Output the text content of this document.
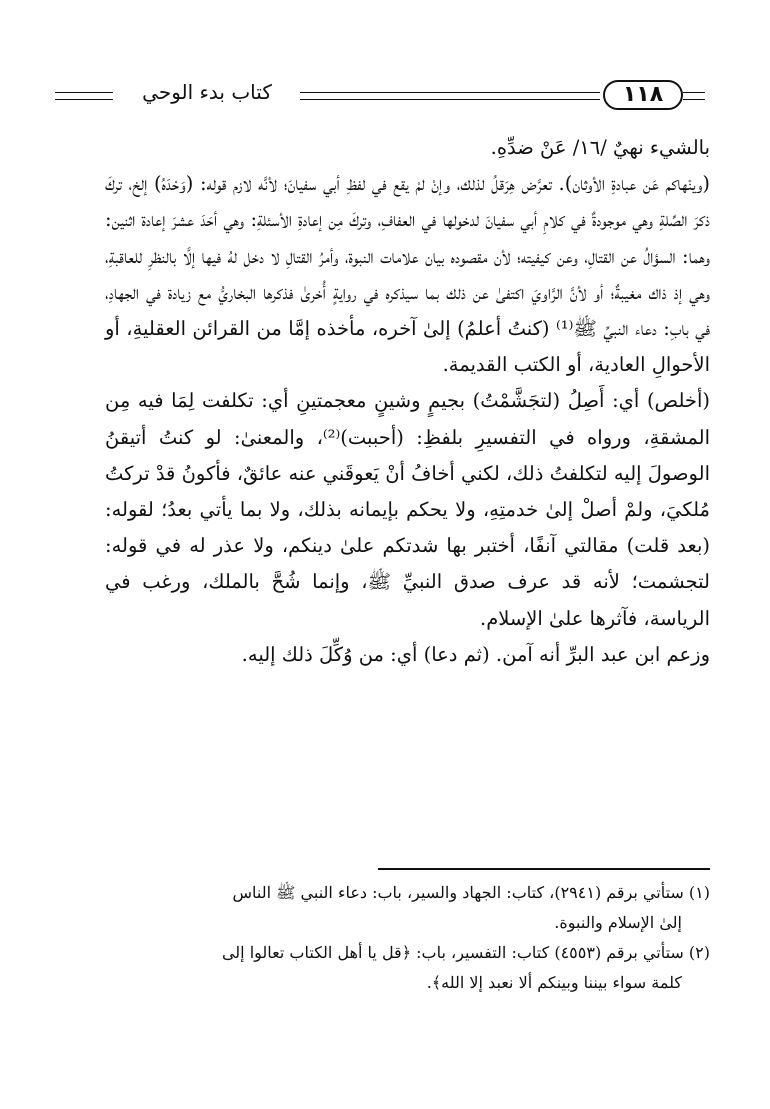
كتاب بدء الوحي	١١٨

بالشيء نهيٌ /١٦/ عَنْ ضدِّهِ.

(وينْهاكم عَن عبادةِ الأوثان). تعرَّض هِرَقلُ لذلك، وإنْ لمْ يقع في لفظِ أبي سفيانَ؛ لأنَّه لازم قوله: (وَحْدَهُ) إلخ، تركَ ذكرَ الصِّلةِ وهي موجودةٌ في كلامِ أبي سفيانَ لدخولها في العفافِ، وتركَ مِن إعادةِ الأسئلةِ: وهي أحَدَ عشرَ إعادة اثنين: وهما: السؤالُ عن القتالِ، وعن كيفيته؛ لأن مقصوده بيان علامات النبوة، وأمرُ القتالِ لا دخل لهُ فيها إلَّا بالنظرِ للعاقبةِ، وهي إذ ذاك مغيبةٌ؛ أو لأنَّ الرَّاويَ اكتفىٰ عن ذلك بما سيذكره في روايةٍ أُخرىٰ فذكرها البخاريُّ مع زيادة في الجهادِ، في بابِ: دعاء النبيِّ ﷺ⁽¹⁾ (كنتُ أعلمُ) إلىٰ آخره، مأخذه إمَّا من القرائن العقليةِ، أو الأحوالِ العادية، أو الكتب القديمة.

(أخلص) أي: أَصِلُ (لتجَشَّمْتُ) بجيمٍ وشينٍ معجمتينِ أي: تكلفت لِمَا فيه مِن المشقةِ، ورواه في التفسيرِ بلفظِ: (أحببت)⁽²⁾، والمعنىٰ: لو كنتُ أتيقنُ الوصولَ إليه لتكلفتُ ذلك، لكني أخافُ أنْ يَعوقَني عنه عائقٌ، فأكونُ قدْ تركتُ مُلكيَ، ولمْ أصلْ إلىٰ خدمتِهِ، ولا يحكم بإيمانه بذلك، ولا بما يأتي بعدُ؛ لقوله: (بعد قلت) مقالتي آنفًا، أختبر بها شدتكم علىٰ دينكم، ولا عذر له في قوله: لتجشمت؛ لأنه قد عرف صدق النبيِّ ﷺ، وإنما شُحَّ بالملك، ورغب في الرياسة، فآثرها علىٰ الإسلام.

وزعم ابن عبد البرِّ أنه آمن. (ثم دعا) أي: من وُكِّلَ ذلك إليه.

(١) ستأتي برقم (٢٩٤١)، كتاب: الجهاد والسير، باب: دعاء النبي ﷺ الناس

إلىٰ الإسلام والنبوة.

(٢) ستأتي برقم (٤٥٥٣) كتاب: التفسير، باب: ﴿قل يا أهل الكتاب تعالوا إلى

كلمة سواء بيننا وبينكم ألا نعبد إلا الله﴾.
